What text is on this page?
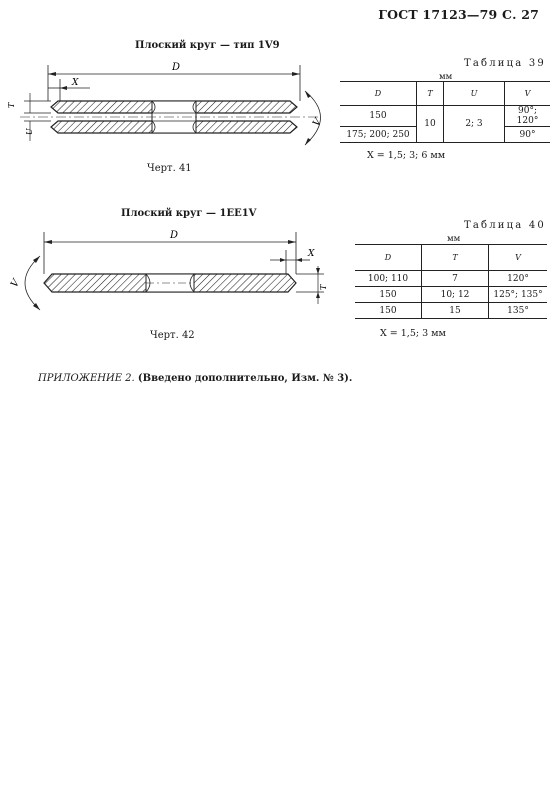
ГОСТ 17123—79 С. 27
Плоский круг — тип 1V9
D
X
T
U
V
Черт. 41
Таблица 39
мм
D	T	U	V
150	10	2; 3	90°; 120°
175; 200; 250			90°
X = 1,5; 3; 6 мм
Плоский круг — 1EE1V
D
X
T
V
Черт. 42
Таблица 40
мм
D	T	V
100; 110	7	120°
150	10; 12	125°; 135°
150	15	135°
X = 1,5; 3 мм
ПРИЛОЖЕНИЕ 2. (Введено дополнительно, Изм. № 3).
